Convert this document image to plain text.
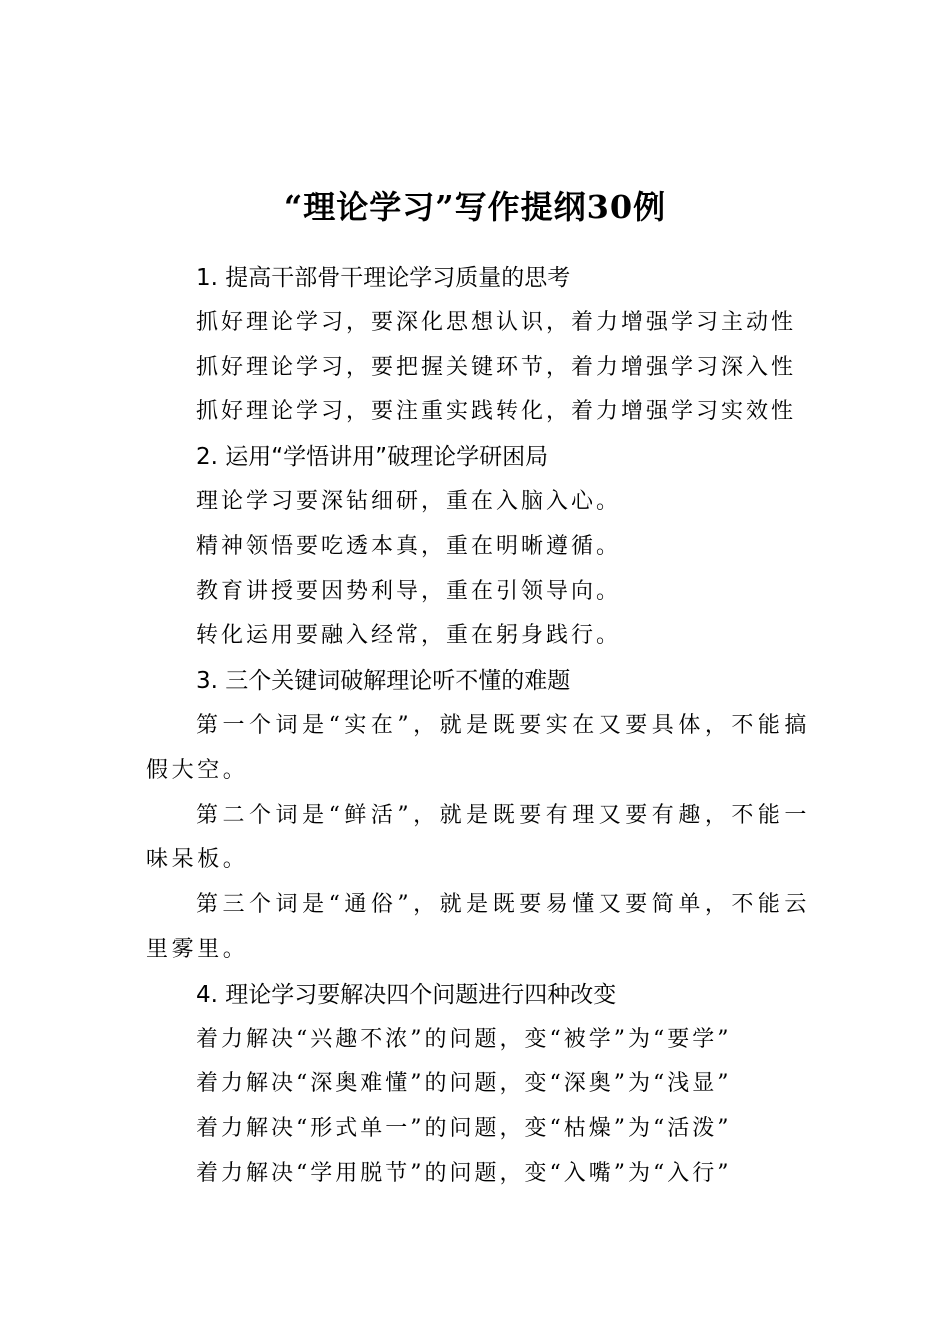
“理论学习”写作提纲30例
1. 提高干部骨干理论学习质量的思考
抓好理论学习，要深化思想认识，着力增强学习主动性
抓好理论学习，要把握关键环节，着力增强学习深入性
抓好理论学习，要注重实践转化，着力增强学习实效性
2. 运用“学悟讲用”破理论学研困局
理论学习要深钻细研，重在入脑入心。
精神领悟要吃透本真，重在明晰遵循。
教育讲授要因势利导，重在引领导向。
转化运用要融入经常，重在躬身践行。
3. 三个关键词破解理论听不懂的难题

第一个词是“实在”，就是既要实在又要具体，不能搞假大空。

第二个词是“鲜活”，就是既要有理又要有趣，不能一味呆板。

第三个词是“通俗”，就是既要易懂又要简单，不能云里雾里。

4. 理论学习要解决四个问题进行四种改变
着力解决“兴趣不浓”的问题，变“被学”为“要学”
着力解决“深奥难懂”的问题，变“深奥”为“浅显”
着力解决“形式单一”的问题，变“枯燥”为“活泼”
着力解决“学用脱节”的问题，变“入嘴”为“入行”
